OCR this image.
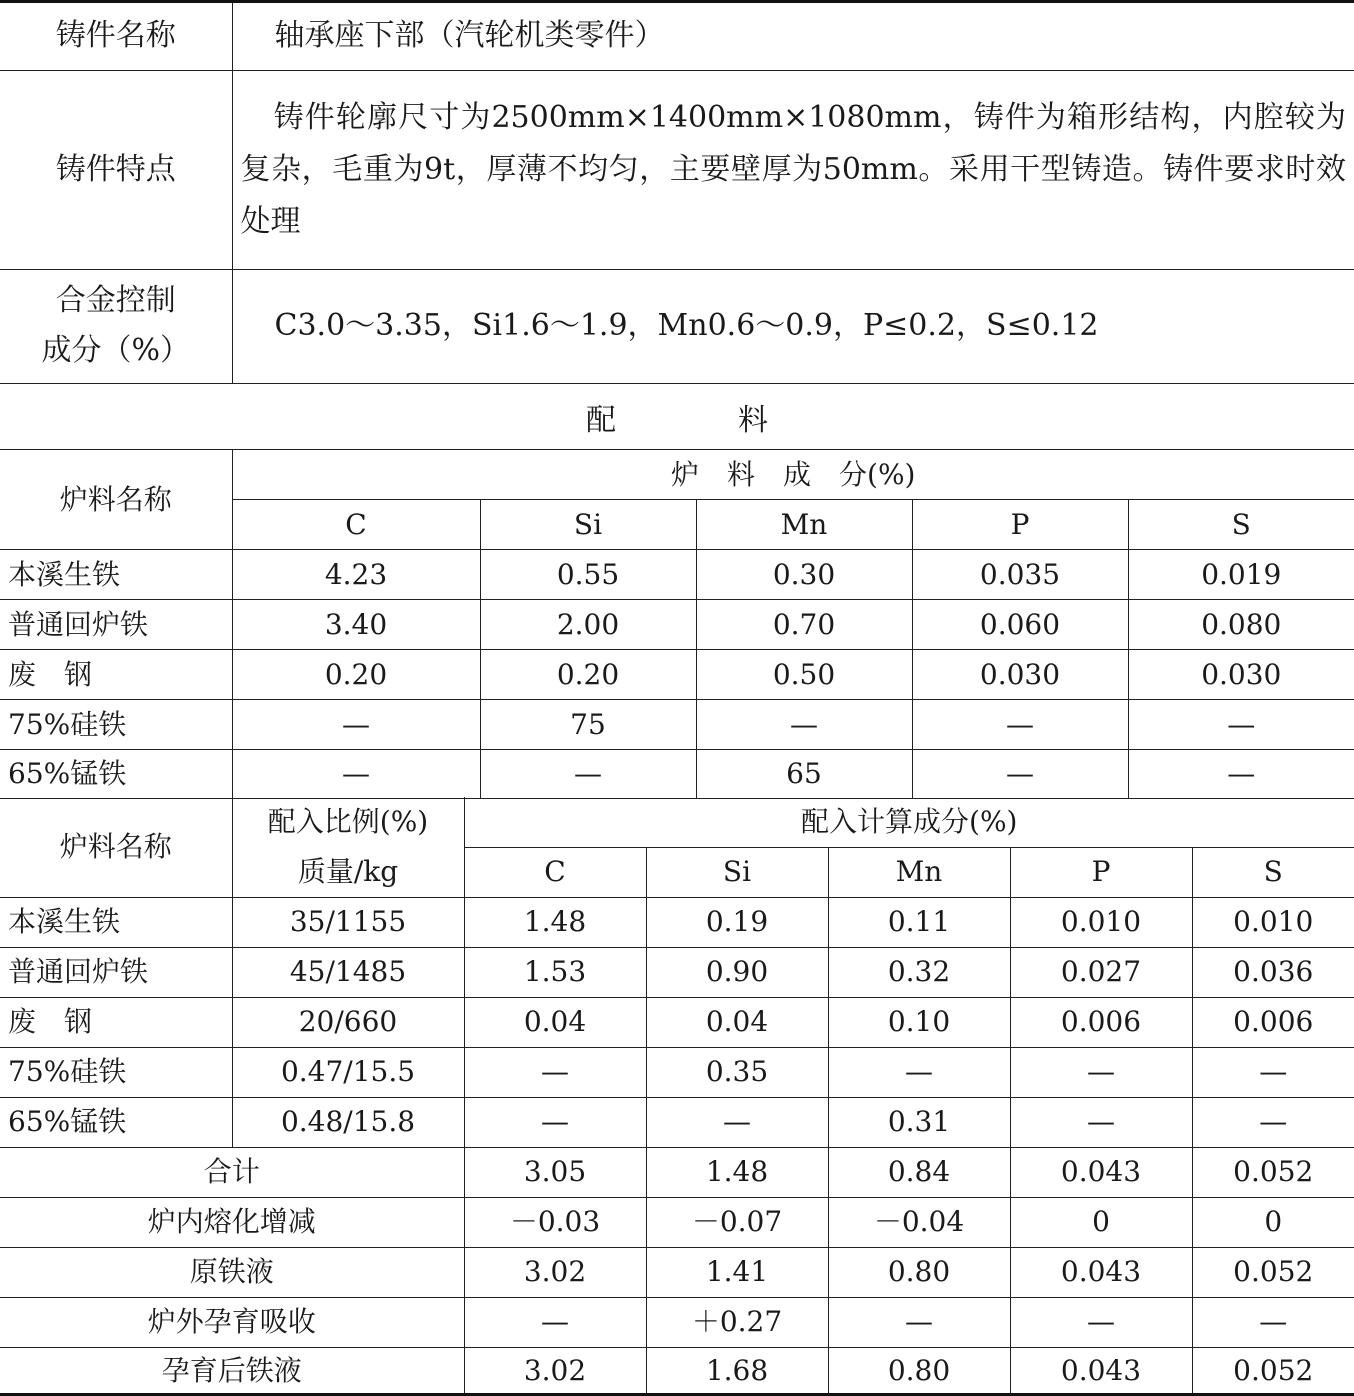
铸件名称	轴承座下部（汽轮机类零件）
铸件特点	铸件轮廓尺寸为2500mm×1400mm×1080mm，铸件为箱形结构，内腔较为复杂，毛重为9t，厚薄不均匀，主要壁厚为50mm。采用干型铸造。铸件要求时效处理

合金控制
成分（%）	C3.0～3.35，Si1.6～1.9，Mn0.6～0.9，P≤0.2，S≤0.12
配	料
炉料名称	炉　料　成　分(%)				
	C	Si	Mn	P	S
本溪生铁	4.23	0.55	0.30	0.035	0.019
普通回炉铁	3.40	2.00	0.70	0.060	0.080
废　钢	0.20	0.20	0.50	0.030	0.030
75%硅铁	—	75	—	—	—
65%锰铁	—	—	65	—	—
炉料名称	配入比例(%)	配入计算成分(%)				
	质量/kg	C	Si	Mn	P	S
本溪生铁	35/1155	1.48	0.19	0.11	0.010	0.010
普通回炉铁	45/1485	1.53	0.90	0.32	0.027	0.036
废　钢	20/660	0.04	0.04	0.10	0.006	0.006
75%硅铁	0.47/15.5	—	0.35	—	—	—
65%锰铁	0.48/15.8	—	—	0.31	—	—
合计		3.05	1.48	0.84	0.043	0.052
炉内熔化增减		－0.03	－0.07	－0.04	0	0
原铁液		3.02	1.41	0.80	0.043	0.052
炉外孕育吸收		—	＋0.27	—	—	—
孕育后铁液		3.02	1.68	0.80	0.043	0.052
